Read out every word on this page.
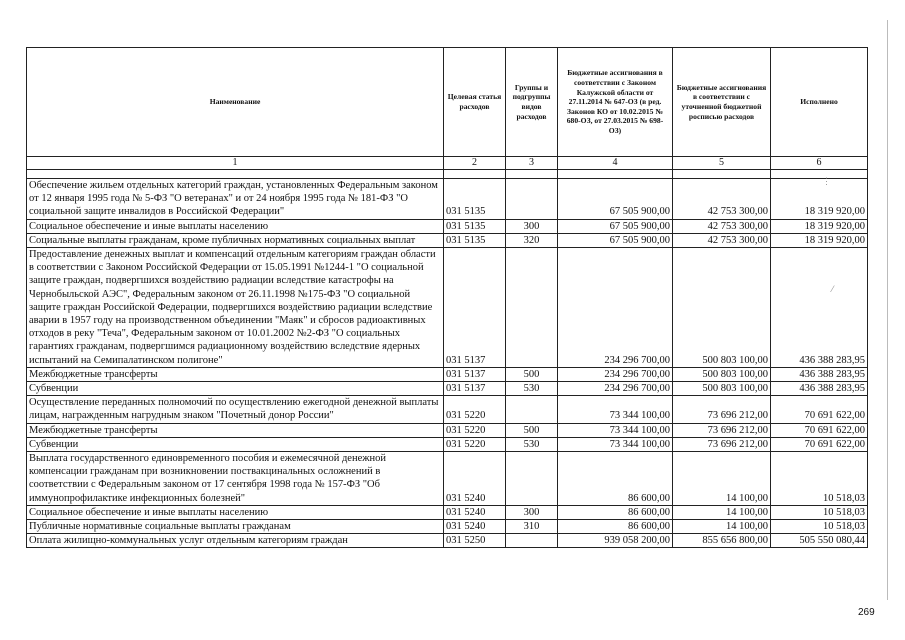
Наименование	Целевая статья расходов	Группы и подгруппы видов расходов	Бюджетные ассигнования в соответствии с Законом Калужской области от 27.11.2014 № 647-ОЗ (в ред. Законов КО от 10.02.2015 № 680-ОЗ, от 27.03.2015 № 698-ОЗ)	Бюджетные ассигнования в соответствии с уточненной бюджетной росписью расходов	Исполнено
1	2	3	4	5	6

Обеспечение жильем отдельных категорий граждан, установленных Федеральным законом от 12 января 1995 года № 5-ФЗ "О ветеранах" и от 24 ноября 1995 года № 181-ФЗ "О социальной защите инвалидов в Российской Федерации"	031 5135		67 505 900,00	42 753 300,00	18 319 920,00
Социальное обеспечение и иные выплаты населению	031 5135	300	67 505 900,00	42 753 300,00	18 319 920,00
Социальные выплаты гражданам, кроме публичных нормативных социальных выплат	031 5135	320	67 505 900,00	42 753 300,00	18 319 920,00
Предоставление денежных выплат и компенсаций отдельным категориям граждан области в соответствии с Законом Российской Федерации от 15.05.1991 №1244-1 "О социальной защите граждан, подвергшихся воздействию радиации вследствие катастрофы на Чернобыльской АЭС", Федеральным законом от 26.11.1998 №175-ФЗ "О социальной защите граждан Российской Федерации, подвергшихся воздействию радиации вследствие аварии в 1957 году на производственном объединении "Маяк" и сбросов радиоактивных отходов в реку "Теча", Федеральным законом от 10.01.2002 №2-ФЗ "О социальных гарантиях гражданам, подвергшимся радиационному воздействию вследствие ядерных испытаний на Семипалатинском полигоне"	031 5137		234 296 700,00	500 803 100,00	436 388 283,95
Межбюджетные трансферты	031 5137	500	234 296 700,00	500 803 100,00	436 388 283,95
Субвенции	031 5137	530	234 296 700,00	500 803 100,00	436 388 283,95
Осуществление переданных полномочий по осуществлению ежегодной денежной выплаты лицам, награжденным нагрудным знаком "Почетный донор России"	031 5220		73 344 100,00	73 696 212,00	70 691 622,00
Межбюджетные трансферты	031 5220	500	73 344 100,00	73 696 212,00	70 691 622,00
Субвенции	031 5220	530	73 344 100,00	73 696 212,00	70 691 622,00
Выплата государственного единовременного пособия и ежемесячной денежной компенсации гражданам при возникновении поствакцинальных осложнений в соответствии с Федеральным законом от 17 сентября 1998 года № 157-ФЗ "Об иммунопрофилактике инфекционных болезней"	031 5240		86 600,00	14 100,00	10 518,03
Социальное обеспечение и иные выплаты населению	031 5240	300	86 600,00	14 100,00	10 518,03
Публичные нормативные социальные выплаты гражданам	031 5240	310	86 600,00	14 100,00	10 518,03
Оплата жилищно-коммунальных услуг отдельным категориям граждан	031 5250		939 058 200,00	855 656 800,00	505 550 080,44
⋮
⁄
269
